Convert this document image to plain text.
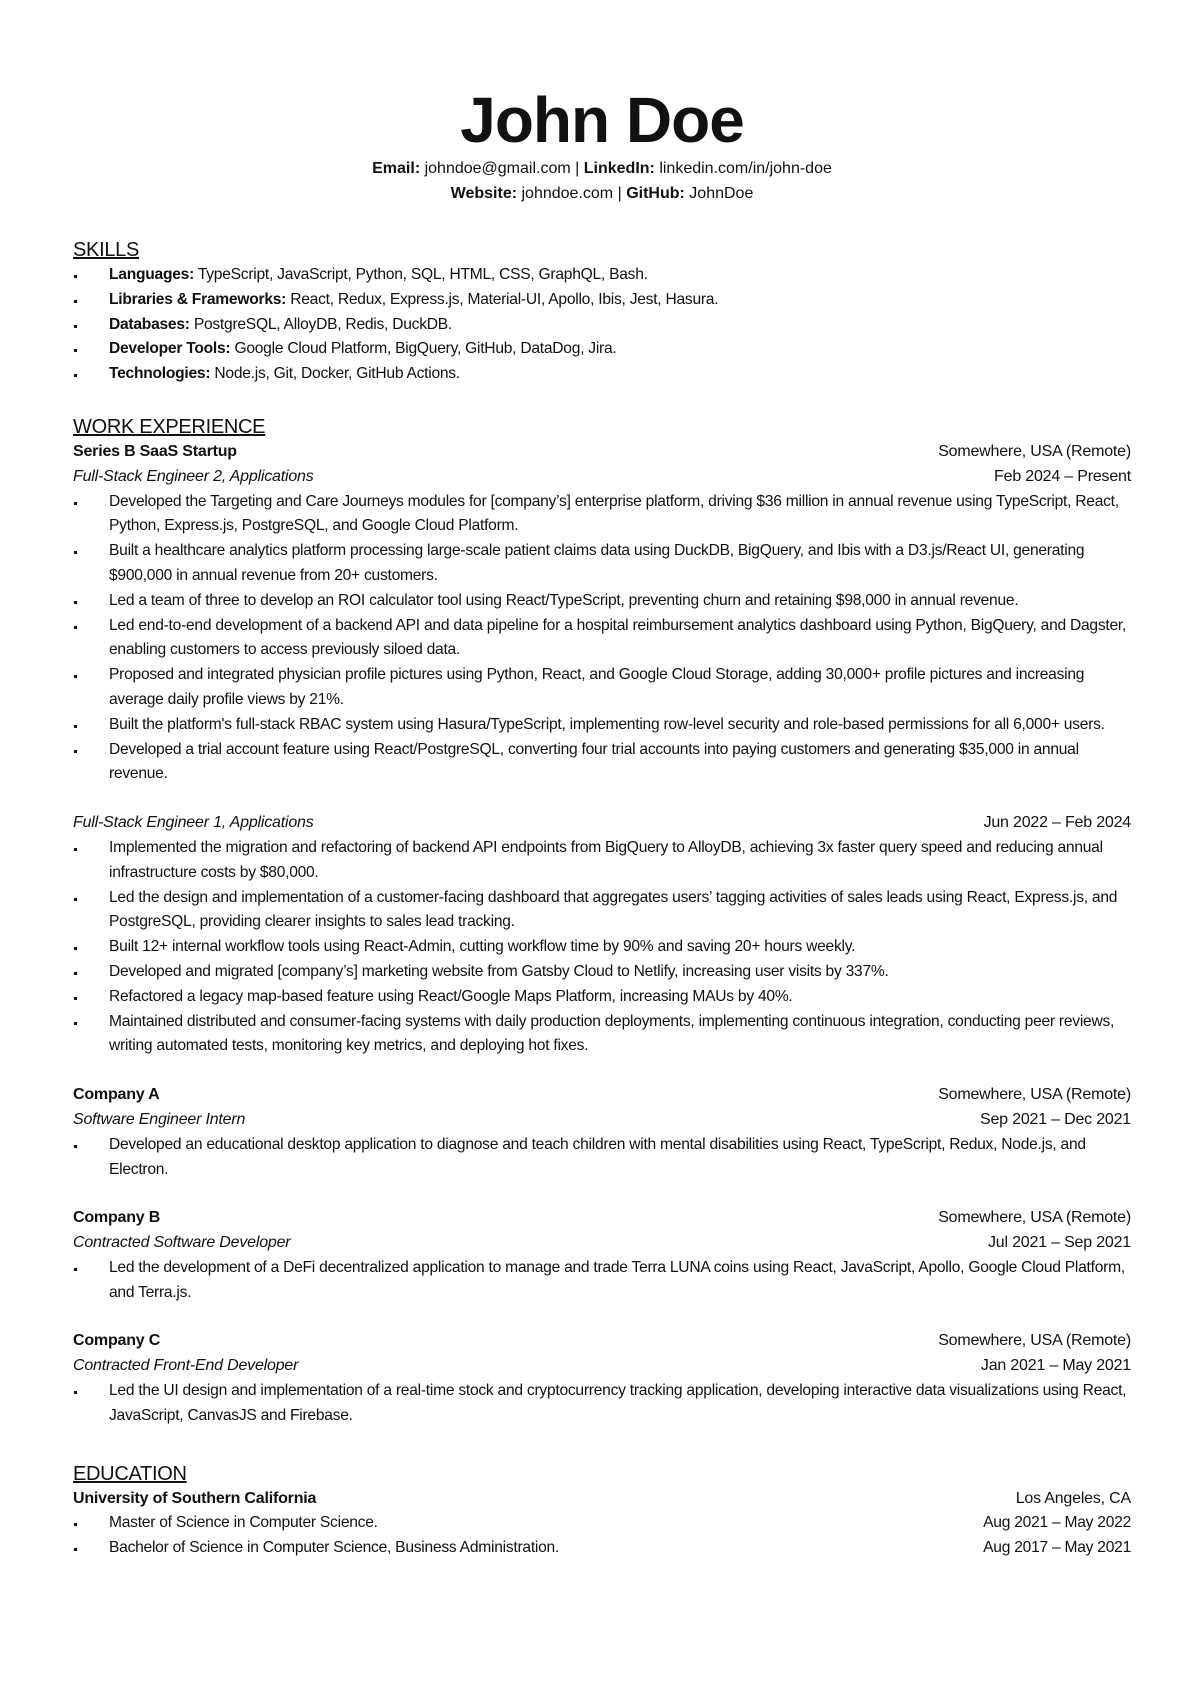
John Doe
Email: johndoe@gmail.com | LinkedIn: linkedin.com/in/john-doe
Website: johndoe.com | GitHub: JohnDoe
SKILLS
Languages: TypeScript, JavaScript, Python, SQL, HTML, CSS, GraphQL, Bash.
Libraries & Frameworks: React, Redux, Express.js, Material-UI, Apollo, Ibis, Jest, Hasura.
Databases: PostgreSQL, AlloyDB, Redis, DuckDB.
Developer Tools: Google Cloud Platform, BigQuery, GitHub, DataDog, Jira.
Technologies: Node.js, Git, Docker, GitHub Actions.
WORK EXPERIENCE
Series B SaaS Startup	Somewhere, USA (Remote)
Full-Stack Engineer 2, Applications	Feb 2024 – Present
Developed the Targeting and Care Journeys modules for [company’s] enterprise platform, driving $36 million in annual revenue using TypeScript, React, Python, Express.js, PostgreSQL, and Google Cloud Platform.
Built a healthcare analytics platform processing large-scale patient claims data using DuckDB, BigQuery, and Ibis with a D3.js/React UI, generating $900,000 in annual revenue from 20+ customers.
Led a team of three to develop an ROI calculator tool using React/TypeScript, preventing churn and retaining $98,000 in annual revenue.
Led end-to-end development of a backend API and data pipeline for a hospital reimbursement analytics dashboard using Python, BigQuery, and Dagster, enabling customers to access previously siloed data.
Proposed and integrated physician profile pictures using Python, React, and Google Cloud Storage, adding 30,000+ profile pictures and increasing average daily profile views by 21%.
Built the platform's full-stack RBAC system using Hasura/TypeScript, implementing row-level security and role-based permissions for all 6,000+ users.
Developed a trial account feature using React/PostgreSQL, converting four trial accounts into paying customers and generating $35,000 in annual revenue.
Full-Stack Engineer 1, Applications	Jun 2022 – Feb 2024
Implemented the migration and refactoring of backend API endpoints from BigQuery to AlloyDB, achieving 3x faster query speed and reducing annual infrastructure costs by $80,000.
Led the design and implementation of a customer-facing dashboard that aggregates users’ tagging activities of sales leads using React, Express.js, and PostgreSQL, providing clearer insights to sales lead tracking.
Built 12+ internal workflow tools using React-Admin, cutting workflow time by 90% and saving 20+ hours weekly.
Developed and migrated [company’s] marketing website from Gatsby Cloud to Netlify, increasing user visits by 337%.
Refactored a legacy map-based feature using React/Google Maps Platform, increasing MAUs by 40%.
Maintained distributed and consumer-facing systems with daily production deployments, implementing continuous integration, conducting peer reviews, writing automated tests, monitoring key metrics, and deploying hot fixes.
Company A	Somewhere, USA (Remote)
Software Engineer Intern	Sep 2021 – Dec 2021
Developed an educational desktop application to diagnose and teach children with mental disabilities using React, TypeScript, Redux, Node.js, and Electron.
Company B	Somewhere, USA (Remote)
Contracted Software Developer	Jul 2021 – Sep 2021
Led the development of a DeFi decentralized application to manage and trade Terra LUNA coins using React, JavaScript, Apollo, Google Cloud Platform, and Terra.js.
Company C	Somewhere, USA (Remote)
Contracted Front-End Developer	Jan 2021 – May 2021
Led the UI design and implementation of a real-time stock and cryptocurrency tracking application, developing interactive data visualizations using React, JavaScript, CanvasJS and Firebase.
EDUCATION
University of Southern California	Los Angeles, CA
Master of Science in Computer Science.	Aug 2021 – May 2022
Bachelor of Science in Computer Science, Business Administration.	Aug 2017 – May 2021
